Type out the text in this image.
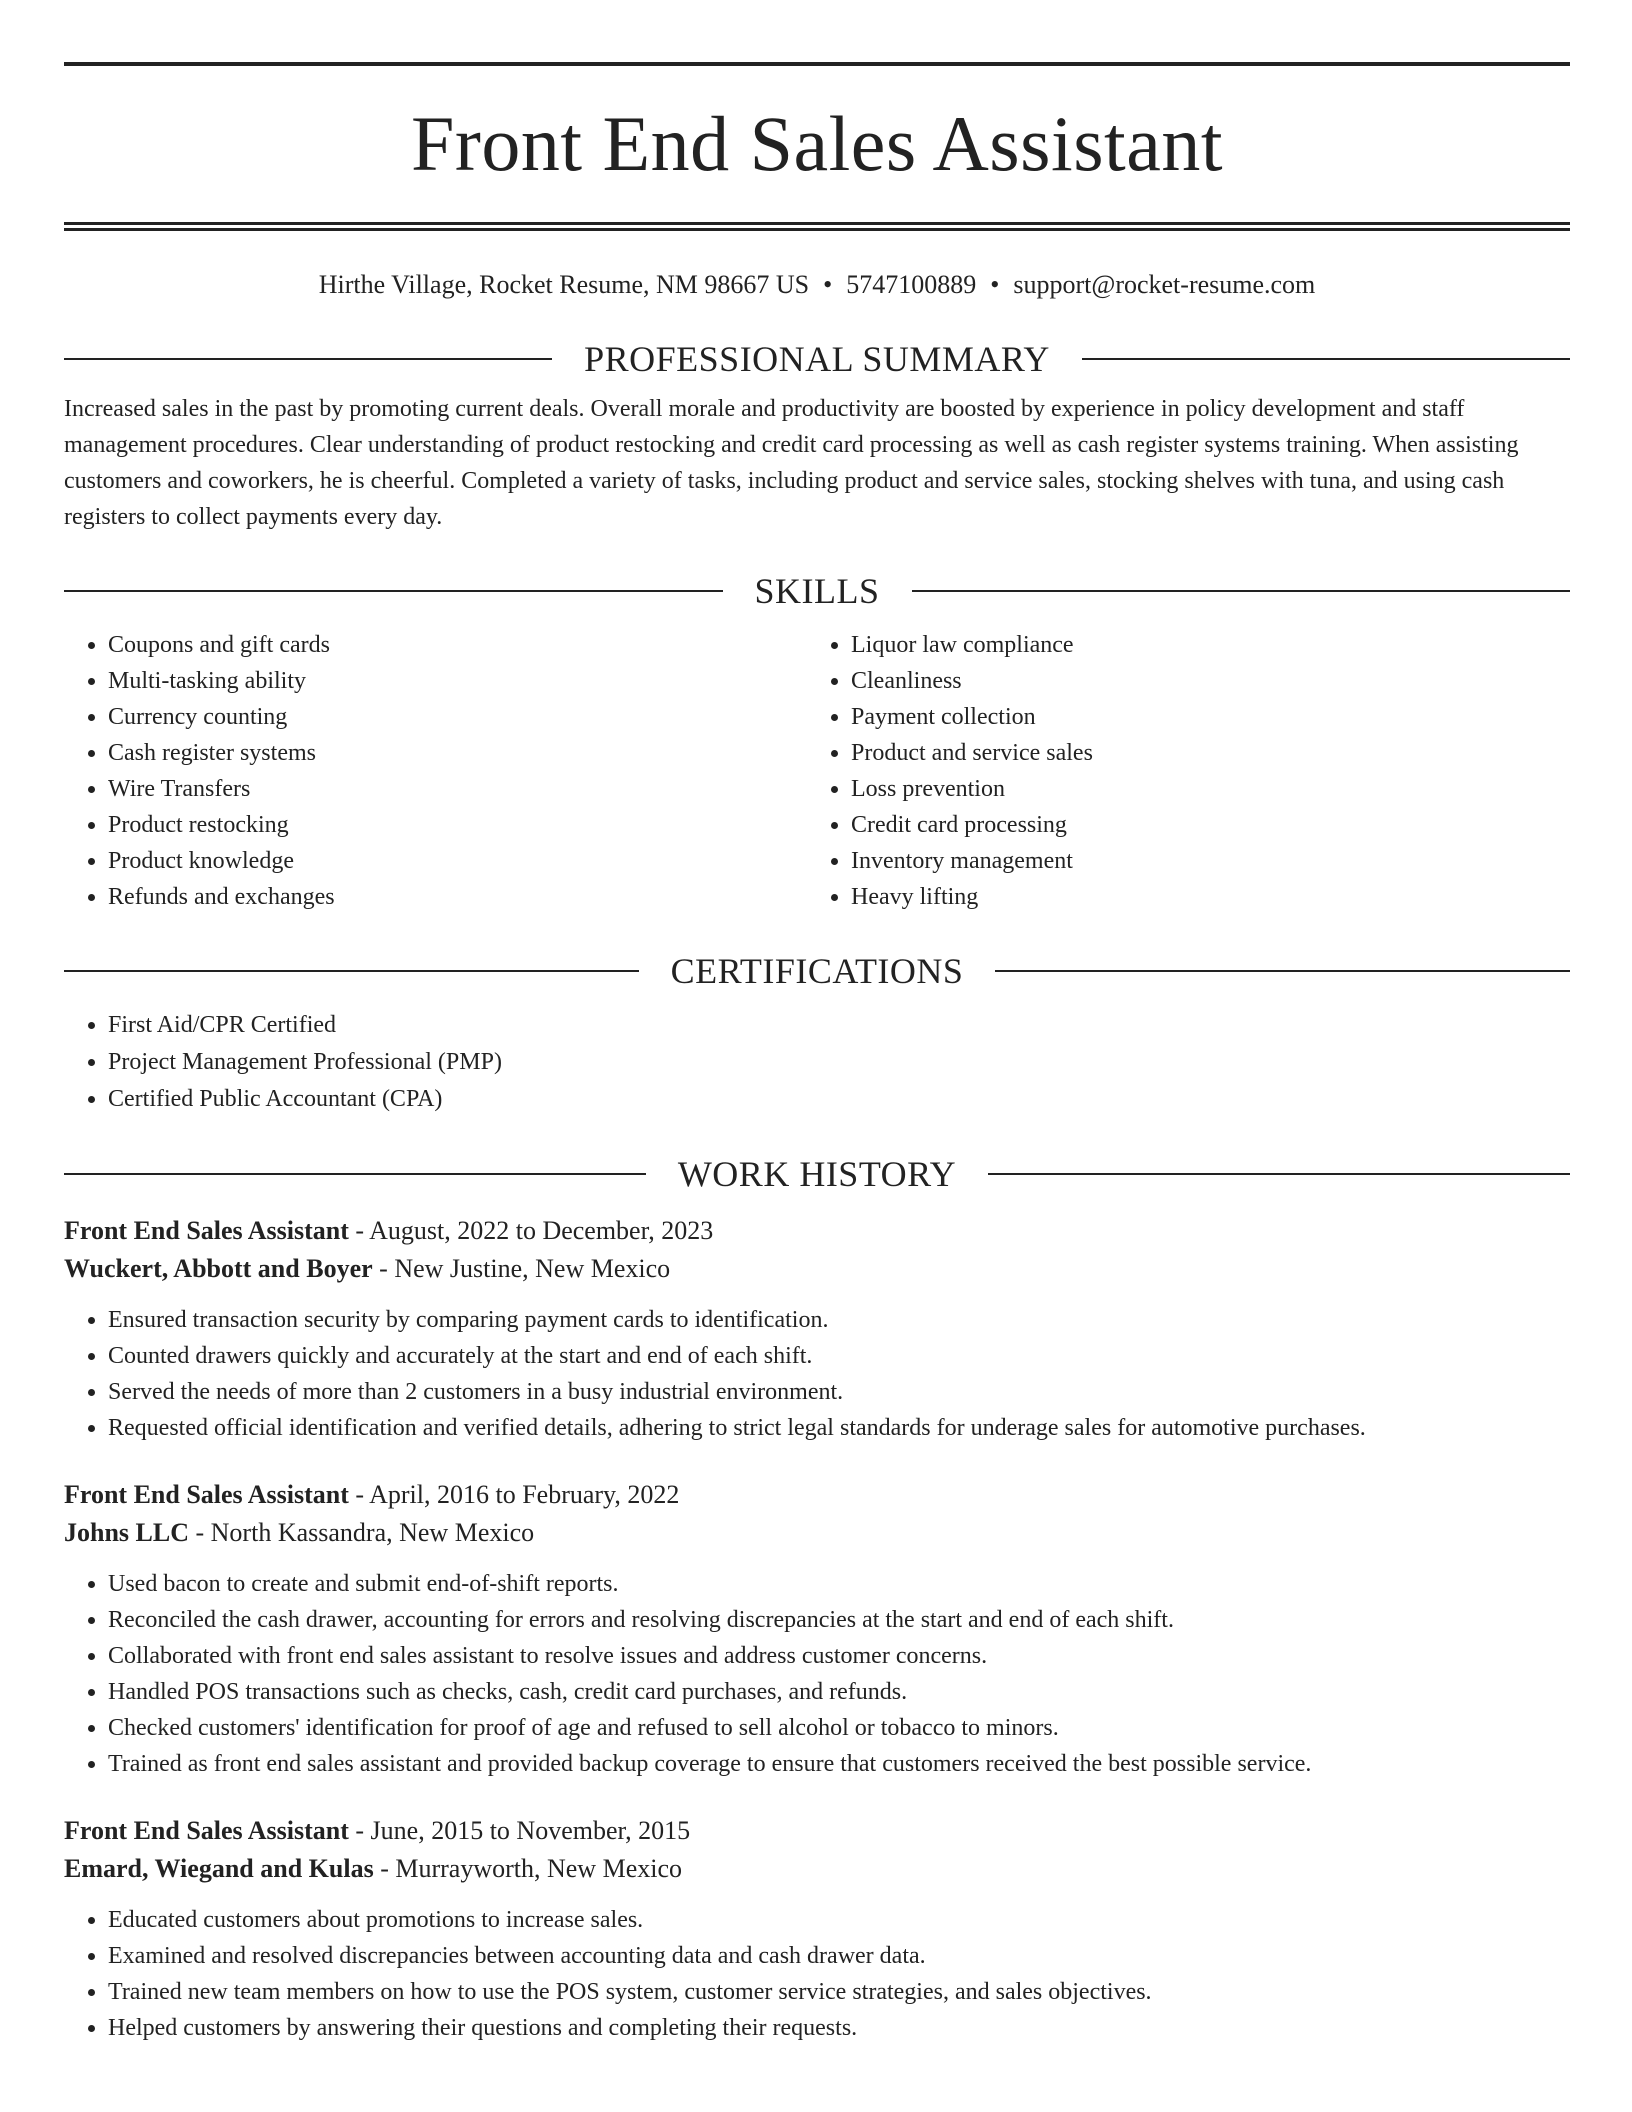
Front End Sales Assistant
Hirthe Village, Rocket Resume, NM 98667 US • 5747100889 • support@rocket-resume.com
PROFESSIONAL SUMMARY
Increased sales in the past by promoting current deals. Overall morale and productivity are boosted by experience in policy development and staff management procedures. Clear understanding of product restocking and credit card processing as well as cash register systems training. When assisting customers and coworkers, he is cheerful. Completed a variety of tasks, including product and service sales, stocking shelves with tuna, and using cash registers to collect payments every day.
SKILLS
• Coupons and gift cards
• Multi-tasking ability
• Currency counting
• Cash register systems
• Wire Transfers
• Product restocking
• Product knowledge
• Refunds and exchanges
• Liquor law compliance
• Cleanliness
• Payment collection
• Product and service sales
• Loss prevention
• Credit card processing
• Inventory management
• Heavy lifting
CERTIFICATIONS
• First Aid/CPR Certified
• Project Management Professional (PMP)
• Certified Public Accountant (CPA)
WORK HISTORY
Front End Sales Assistant - August, 2022 to December, 2023
Wuckert, Abbott and Boyer - New Justine, New Mexico
• Ensured transaction security by comparing payment cards to identification.
• Counted drawers quickly and accurately at the start and end of each shift.
• Served the needs of more than 2 customers in a busy industrial environment.
• Requested official identification and verified details, adhering to strict legal standards for underage sales for automotive purchases.
Front End Sales Assistant - April, 2016 to February, 2022
Johns LLC - North Kassandra, New Mexico
• Used bacon to create and submit end-of-shift reports.
• Reconciled the cash drawer, accounting for errors and resolving discrepancies at the start and end of each shift.
• Collaborated with front end sales assistant to resolve issues and address customer concerns.
• Handled POS transactions such as checks, cash, credit card purchases, and refunds.
• Checked customers' identification for proof of age and refused to sell alcohol or tobacco to minors.
• Trained as front end sales assistant and provided backup coverage to ensure that customers received the best possible service.
Front End Sales Assistant - June, 2015 to November, 2015
Emard, Wiegand and Kulas - Murrayworth, New Mexico
• Educated customers about promotions to increase sales.
• Examined and resolved discrepancies between accounting data and cash drawer data.
• Trained new team members on how to use the POS system, customer service strategies, and sales objectives.
• Helped customers by answering their questions and completing their requests.
